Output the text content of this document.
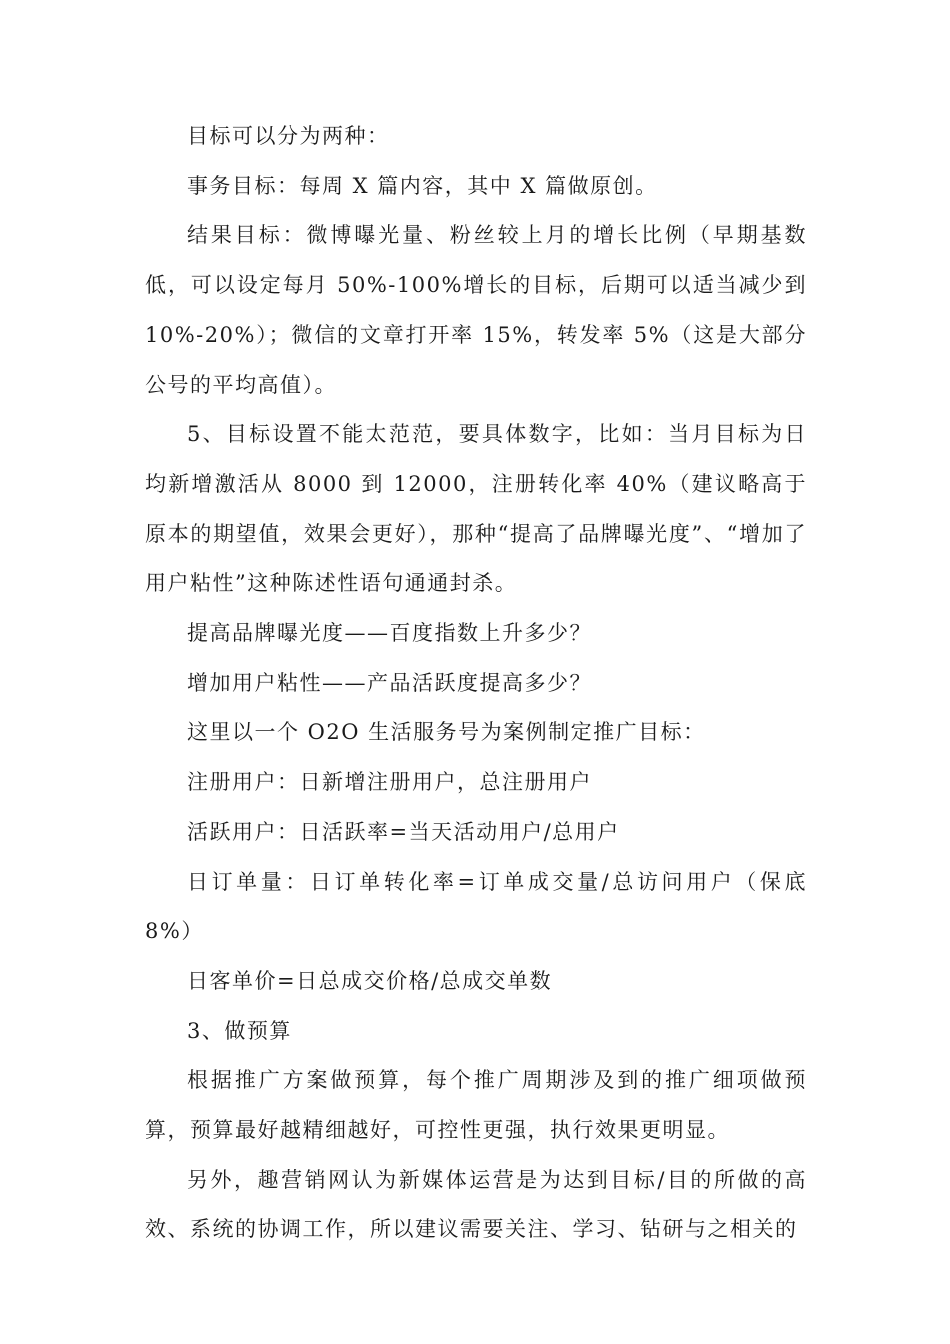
目标可以分为两种：

事务目标：每周 X 篇内容，其中 X 篇做原创。

结果目标：微博曝光量、粉丝较上月的增长比例（早期基数低，可以设定每月 50%-100%增长的目标，后期可以适当减少到 10%-20%）；微信的文章打开率 15%，转发率 5%（这是大部分公号的平均高值）。

5、目标设置不能太范范，要具体数字，比如：当月目标为日均新增激活从 8000 到 12000，注册转化率 40%（建议略高于原本的期望值，效果会更好），那种“提高了品牌曝光度”、“增加了用户粘性”这种陈述性语句通通封杀。

提高品牌曝光度——百度指数上升多少？

增加用户粘性——产品活跃度提高多少？

这里以一个 O2O 生活服务号为案例制定推广目标：

注册用户：日新增注册用户，总注册用户

活跃用户：日活跃率=当天活动用户/总用户

日订单量：日订单转化率=订单成交量/总访问用户（保底 8%）

日客单价=日总成交价格/总成交单数

3、做预算

根据推广方案做预算，每个推广周期涉及到的推广细项做预算，预算最好越精细越好，可控性更强，执行效果更明显。

另外，趣营销网认为新媒体运营是为达到目标/目的所做的高效、系统的协调工作，所以建议需要关注、学习、钻研与之相关的
